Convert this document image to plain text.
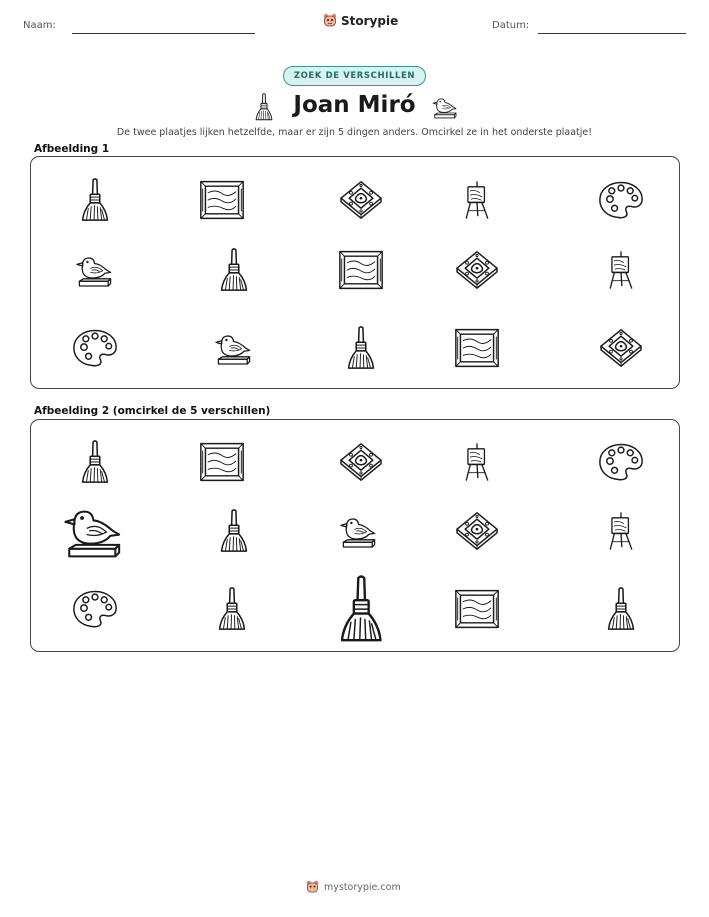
Naam:	Storypie	Datum:
ZOEK DE VERSCHILLEN
Joan Miró
De twee plaatjes lijken hetzelfde, maar er zijn 5 dingen anders. Omcirkel ze in het onderste plaatje!
Afbeelding 1
Afbeelding 2 (omcirkel de 5 verschillen)
mystorypie.com
